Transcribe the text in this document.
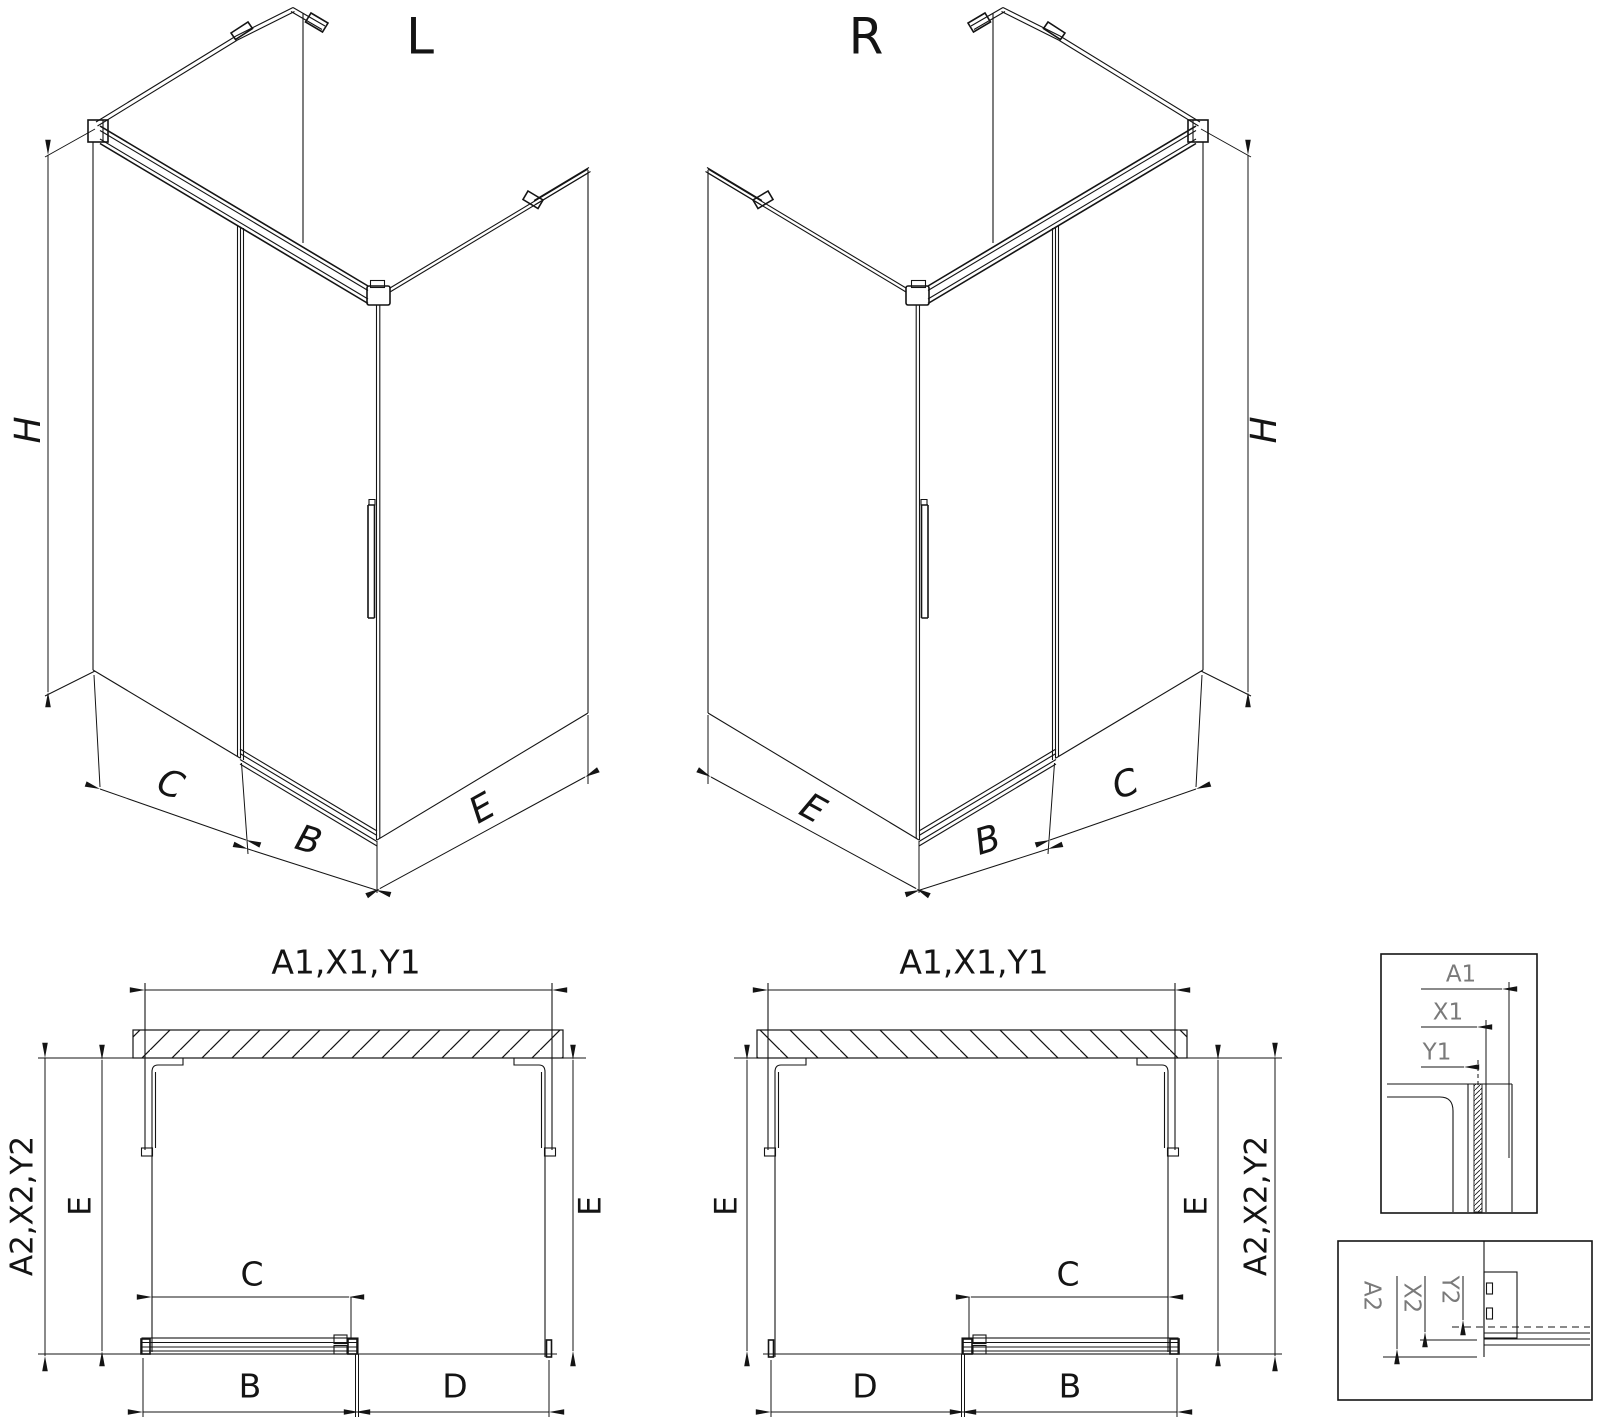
L
H
C
B
E
R
H
E
B
C
A1,X1,Y1
A2,X2,Y2 E	E
C
B	D
A1,X1,Y1
E	E A2,X2,Y2
C
B
D
A1
X1
Y1
A2 X2 Y2
